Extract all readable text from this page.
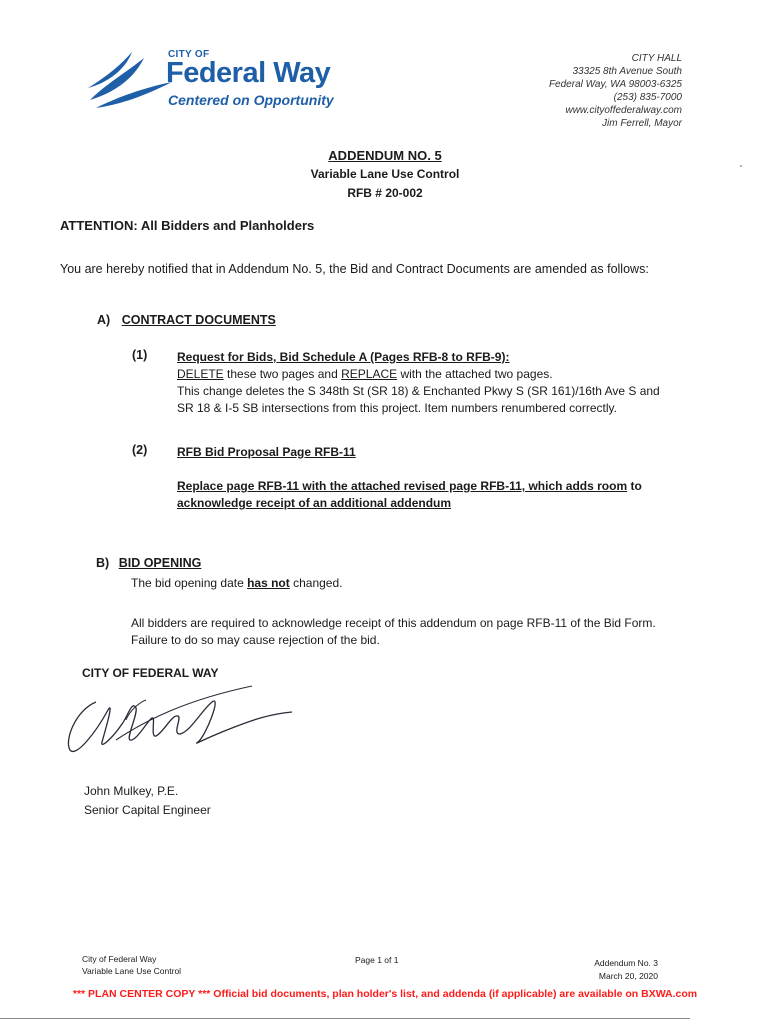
CITY OF
Federal Way
Centered on Opportunity
CITY HALL
33325 8th Avenue South
Federal Way, WA 98003-6325
(253) 835-7000
www.cityoffederalway.com
Jim Ferrell, Mayor
ADDENDUM NO. 5
Variable Lane Use Control
RFB # 20-002
ATTENTION: All Bidders and Planholders
You are hereby notified that in Addendum No. 5, the Bid and Contract Documents are amended as follows:
A) CONTRACT DOCUMENTS
(1) Request for Bids, Bid Schedule A (Pages RFB-8 to RFB-9):
DELETE these two pages and REPLACE with the attached two pages.
This change deletes the S 348th St (SR 18) & Enchanted Pkwy S (SR 161)/16th Ave S and SR 18 & I-5 SB intersections from this project. Item numbers renumbered correctly.
(2) RFB Bid Proposal Page RFB-11
Replace page RFB-11 with the attached revised page RFB-11, which adds room to
acknowledge receipt of an additional addendum
B) BID OPENING
The bid opening date has not changed.
All bidders are required to acknowledge receipt of this addendum on page RFB-11 of the Bid Form. Failure to do so may cause rejection of the bid.
CITY OF FEDERAL WAY
John Mulkey, P.E.
Senior Capital Engineer
City of Federal Way
Variable Lane Use Control
Page 1 of 1	Addendum No. 3
March 20, 2020
*** PLAN CENTER COPY *** Official bid documents, plan holder's list, and addenda (if applicable) are available on BXWA.com
